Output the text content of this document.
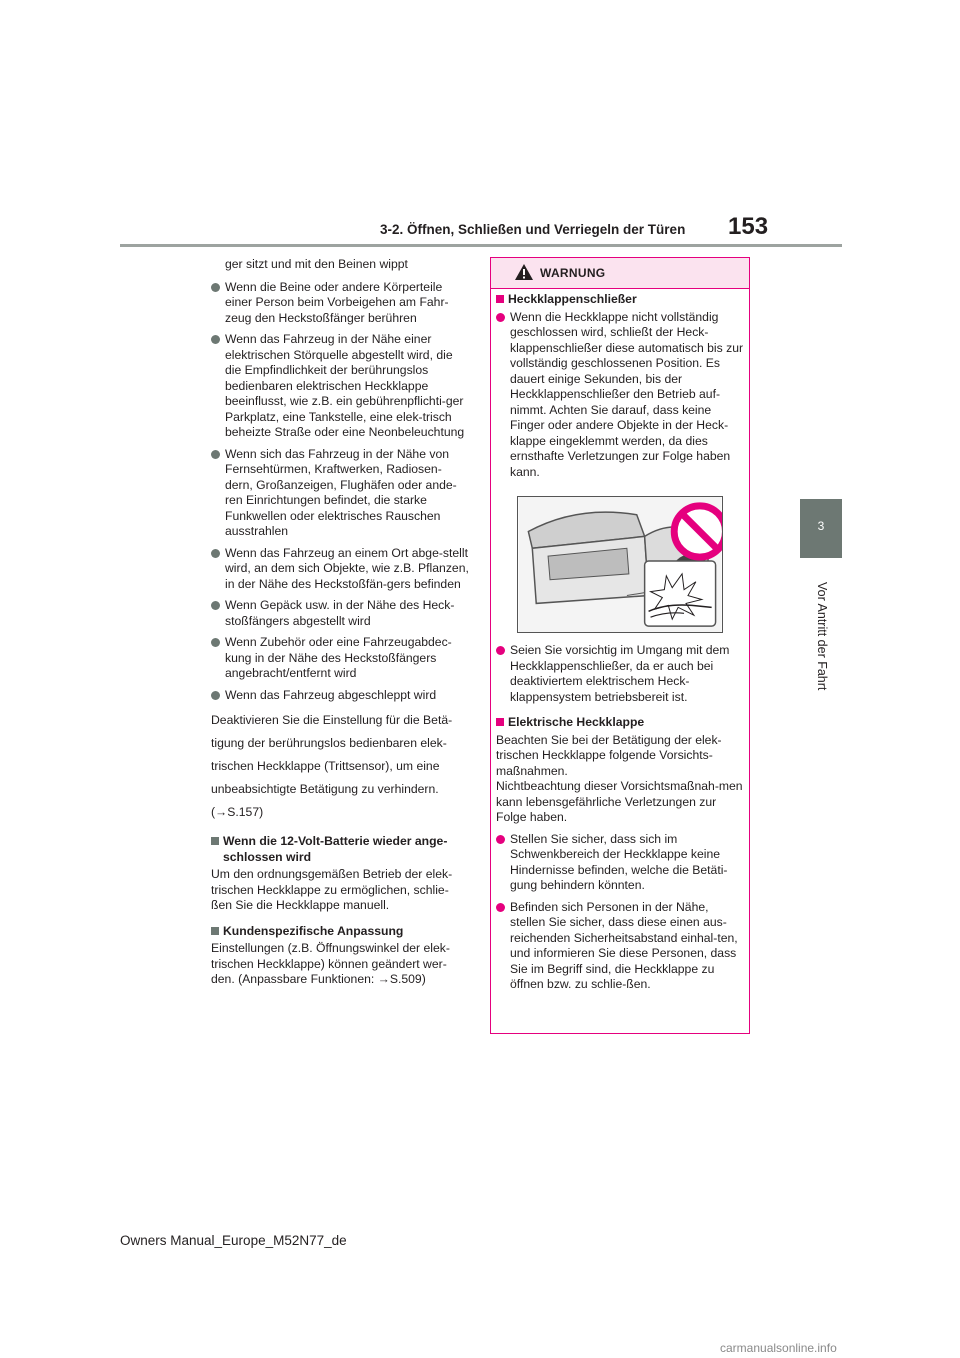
3-2. Öffnen, Schließen und Verriegeln der Türen 153
3
Vor Antritt der Fahrt

ger sitzt und mit den Beinen wippt

Wenn die Beine oder andere Körperteile einer Person beim Vorbeigehen am Fahr-zeug den Heckstoßfänger berühren
Wenn das Fahrzeug in der Nähe einer elektrischen Störquelle abgestellt wird, die die Empfindlichkeit der berührungslos bedienbaren elektrischen Heckklappe beeinflusst, wie z.B. ein gebührenpflichti-ger Parkplatz, eine Tankstelle, eine elek-trisch beheizte Straße oder eine Neonbeleuchtung
Wenn sich das Fahrzeug in der Nähe von Fernsehtürmen, Kraftwerken, Radiosen-dern, Großanzeigen, Flughäfen oder ande-ren Einrichtungen befindet, die starke Funkwellen oder elektrisches Rauschen ausstrahlen
Wenn das Fahrzeug an einem Ort abge-stellt wird, an dem sich Objekte, wie z.B. Pflanzen, in der Nähe des Heckstoßfän-gers befinden
Wenn Gepäck usw. in der Nähe des Heck-stoßfängers abgestellt wird
Wenn Zubehör oder eine Fahrzeugabdec-kung in der Nähe des Heckstoßfängers angebracht/entfernt wird
Wenn das Fahrzeug abgeschleppt wird

Deaktivieren Sie die Einstellung für die Betä-

tigung der berührungslos bedienbaren elek-

trischen Heckklappe (Trittsensor), um eine

unbeabsichtigte Betätigung zu verhindern.

(→S.157)

Wenn die 12-Volt-Batterie wieder ange-schlossen wird

Um den ordnungsgemäßen Betrieb der elek-trischen Heckklappe zu ermöglichen, schlie-ßen Sie die Heckklappe manuell.

Kundenspezifische Anpassung

Einstellungen (z.B. Öffnungswinkel der elek-trischen Heckklappe) können geändert wer-den. (Anpassbare Funktionen: →S.509)

WARNUNG
Heckklappenschließer
Wenn die Heckklappe nicht vollständig geschlossen wird, schließt der Heck-klappenschließer diese automatisch bis zur vollständig geschlossenen Position. Es dauert einige Sekunden, bis der Heckklappenschließer den Betrieb auf-nimmt. Achten Sie darauf, dass keine Finger oder andere Objekte in der Heck-klappe eingeklemmt werden, da dies ernsthafte Verletzungen zur Folge haben kann.
Seien Sie vorsichtig im Umgang mit dem Heckklappenschließer, da er auch bei deaktiviertem elektrischem Heck-klappensystem betriebsbereit ist.
Elektrische Heckklappe

Beachten Sie bei der Betätigung der elek-trischen Heckklappe folgende Vorsichts-maßnahmen.
Nichtbeachtung dieser Vorsichtsmaßnah-men kann lebensgefährliche Verletzungen zur Folge haben.

Stellen Sie sicher, dass sich im Schwenkbereich der Heckklappe keine Hindernisse befinden, welche die Betäti-gung behindern könnten.
Befinden sich Personen in der Nähe, stellen Sie sicher, dass diese einen aus-reichenden Sicherheitsabstand einhal-ten, und informieren Sie diese Personen, dass Sie im Begriff sind, die Heckklappe zu öffnen bzw. zu schlie-ßen.
Owners Manual_Europe_M52N77_de
carmanualsonline.info
